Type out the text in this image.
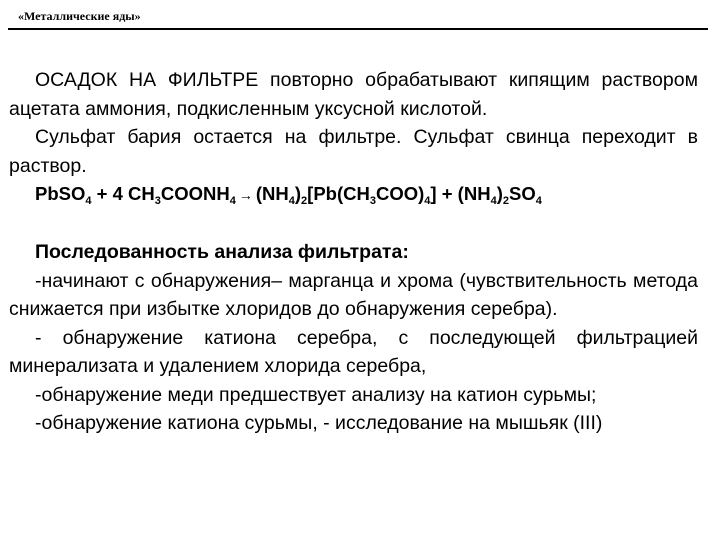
«Металлические яды»

ОСАДОК НА ФИЛЬТРЕ повторно обрабатывают кипящим раствором ацетата аммония, подкисленным уксусной кислотой.

Сульфат бария остается на фильтре. Сульфат свинца переходит в раствор.

PbSO$_4$ + 4 $CH_3COONH_4 \to (NH_4)_2[Pb(CH_3COO)_4] + (NH_4)_2SO_4$

Последованность анализа фильтрата:

-начинают с обнаружения– марганца и хрома (чувствительность метода снижается при избытке хлоридов до обнаружения серебра).

- обнаружение катиона серебра, с последующей фильтрацией минерализата и удалением хлорида серебра,

-обнаружение меди предшествует анализу на катион сурьмы;

-обнаружение катиона сурьмы, - исследование на мышьяк (III)
